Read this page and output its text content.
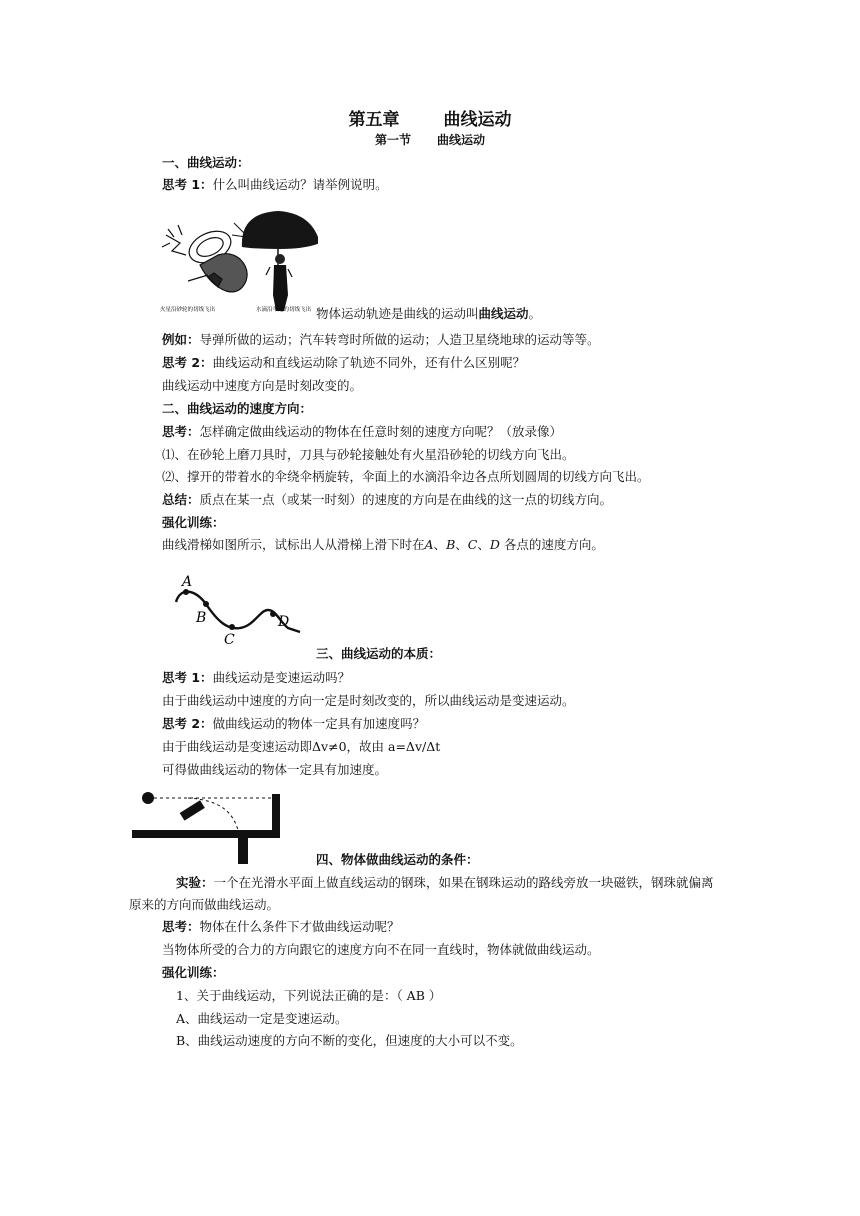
第五章	曲线运动
第一节 曲线运动
一、曲线运动：
思考 1：什么叫曲线运动？请举例说明。
火星沿砂轮的切线飞出	水滴沿伞边的切线飞出 物体运动轨迹是曲线的运动叫曲线运动。
例如：导弹所做的运动；汽车转弯时所做的运动；人造卫星绕地球的运动等等。
思考 2：曲线运动和直线运动除了轨迹不同外，还有什么区别呢？
曲线运动中速度方向是时刻改变的。
二、曲线运动的速度方向：
思考：怎样确定做曲线运动的物体在任意时刻的速度方向呢？（放录像）
⑴、在砂轮上磨刀具时，刀具与砂轮接触处有火星沿砂轮的切线方向飞出。
⑵、撑开的带着水的伞绕伞柄旋转，伞面上的水滴沿伞边各点所划圆周的切线方向飞出。
总结：质点在某一点（或某一时刻）的速度的方向是在曲线的这一点的切线方向。
强化训练：
曲线滑梯如图所示，试标出人从滑梯上滑下时在A、B、C、D 各点的速度方向。
A
B
C
D
三、曲线运动的本质：
思考 1：曲线运动是变速运动吗？
由于曲线运动中速度的方向一定是时刻改变的，所以曲线运动是变速运动。
思考 2：做曲线运动的物体一定具有加速度吗？
由于曲线运动是变速运动即Δv≠0，故由 a=Δv/Δt
可得做曲线运动的物体一定具有加速度。
四、物体做曲线运动的条件：
实验：一个在光滑水平面上做直线运动的钢珠，如果在钢珠运动的路线旁放一块磁铁，钢珠就偏离
原来的方向而做曲线运动。
思考：物体在什么条件下才做曲线运动呢？
当物体所受的合力的方向跟它的速度方向不在同一直线时，物体就做曲线运动。
强化训练：
1、关于曲线运动，下列说法正确的是：（ AB ）
A、曲线运动一定是变速运动。
B、曲线运动速度的方向不断的变化，但速度的大小可以不变。
